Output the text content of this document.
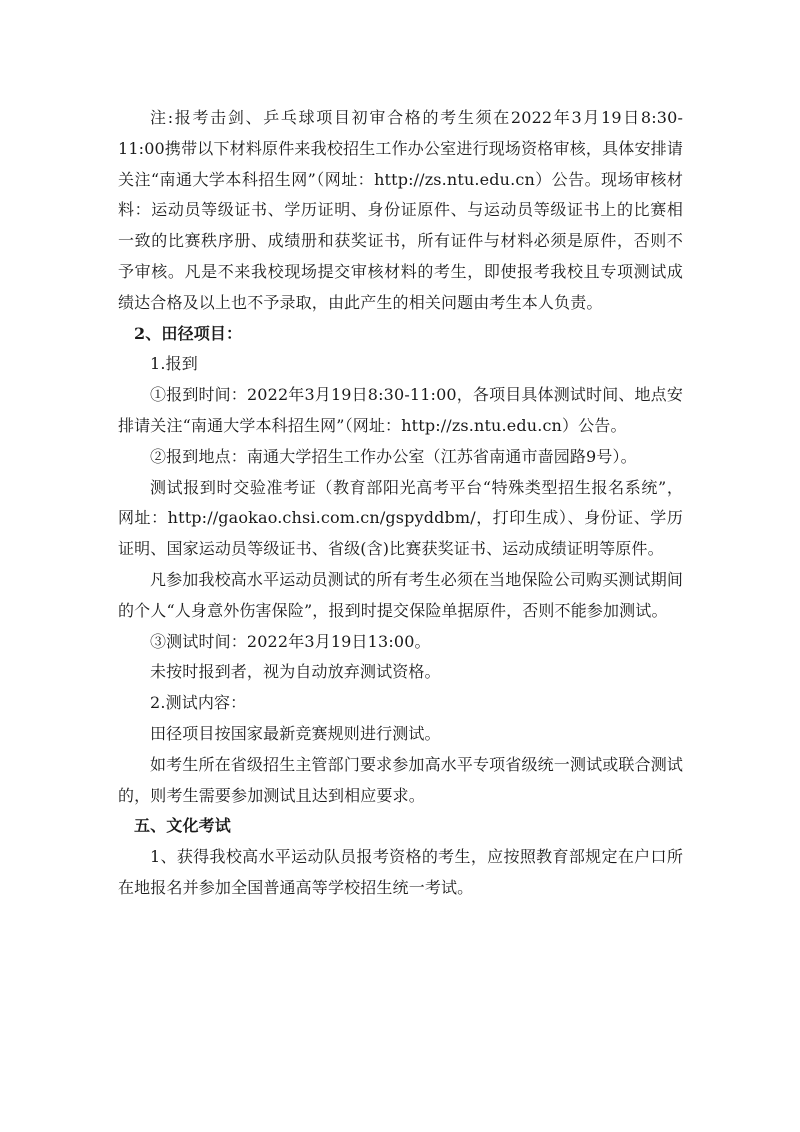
注:报考击剑、乒乓球项目初审合格的考生须在2022年3月19日8:30-11:00携带以下材料原件来我校招生工作办公室进行现场资格审核，具体安排请关注“南通大学本科招生网”（网址：http://zs.ntu.edu.cn）公告。现场审核材料：运动员等级证书、学历证明、身份证原件、与运动员等级证书上的比赛相一致的比赛秩序册、成绩册和获奖证书，所有证件与材料必须是原件，否则不予审核。凡是不来我校现场提交审核材料的考生，即使报考我校且专项测试成绩达合格及以上也不予录取，由此产生的相关问题由考生本人负责。

2、田径项目：

1.报到

①报到时间：2022年3月19日8:30-11:00，各项目具体测试时间、地点安排请关注“南通大学本科招生网”（网址：http://zs.ntu.edu.cn）公告。

②报到地点：南通大学招生工作办公室（江苏省南通市啬园路9号）。

测试报到时交验准考证（教育部阳光高考平台“特殊类型招生报名系统”，网址：http://gaokao.chsi.com.cn/gspyddbm/，打印生成）、身份证、学历证明、国家运动员等级证书、省级(含)比赛获奖证书、运动成绩证明等原件。

凡参加我校高水平运动员测试的所有考生必须在当地保险公司购买测试期间的个人“人身意外伤害保险”，报到时提交保险单据原件，否则不能参加测试。

③测试时间：2022年3月19日13:00。

未按时报到者，视为自动放弃测试资格。

2.测试内容：

田径项目按国家最新竞赛规则进行测试。

如考生所在省级招生主管部门要求参加高水平专项省级统一测试或联合测试的，则考生需要参加测试且达到相应要求。

五、文化考试

1、获得我校高水平运动队员报考资格的考生，应按照教育部规定在户口所在地报名并参加全国普通高等学校招生统一考试。
